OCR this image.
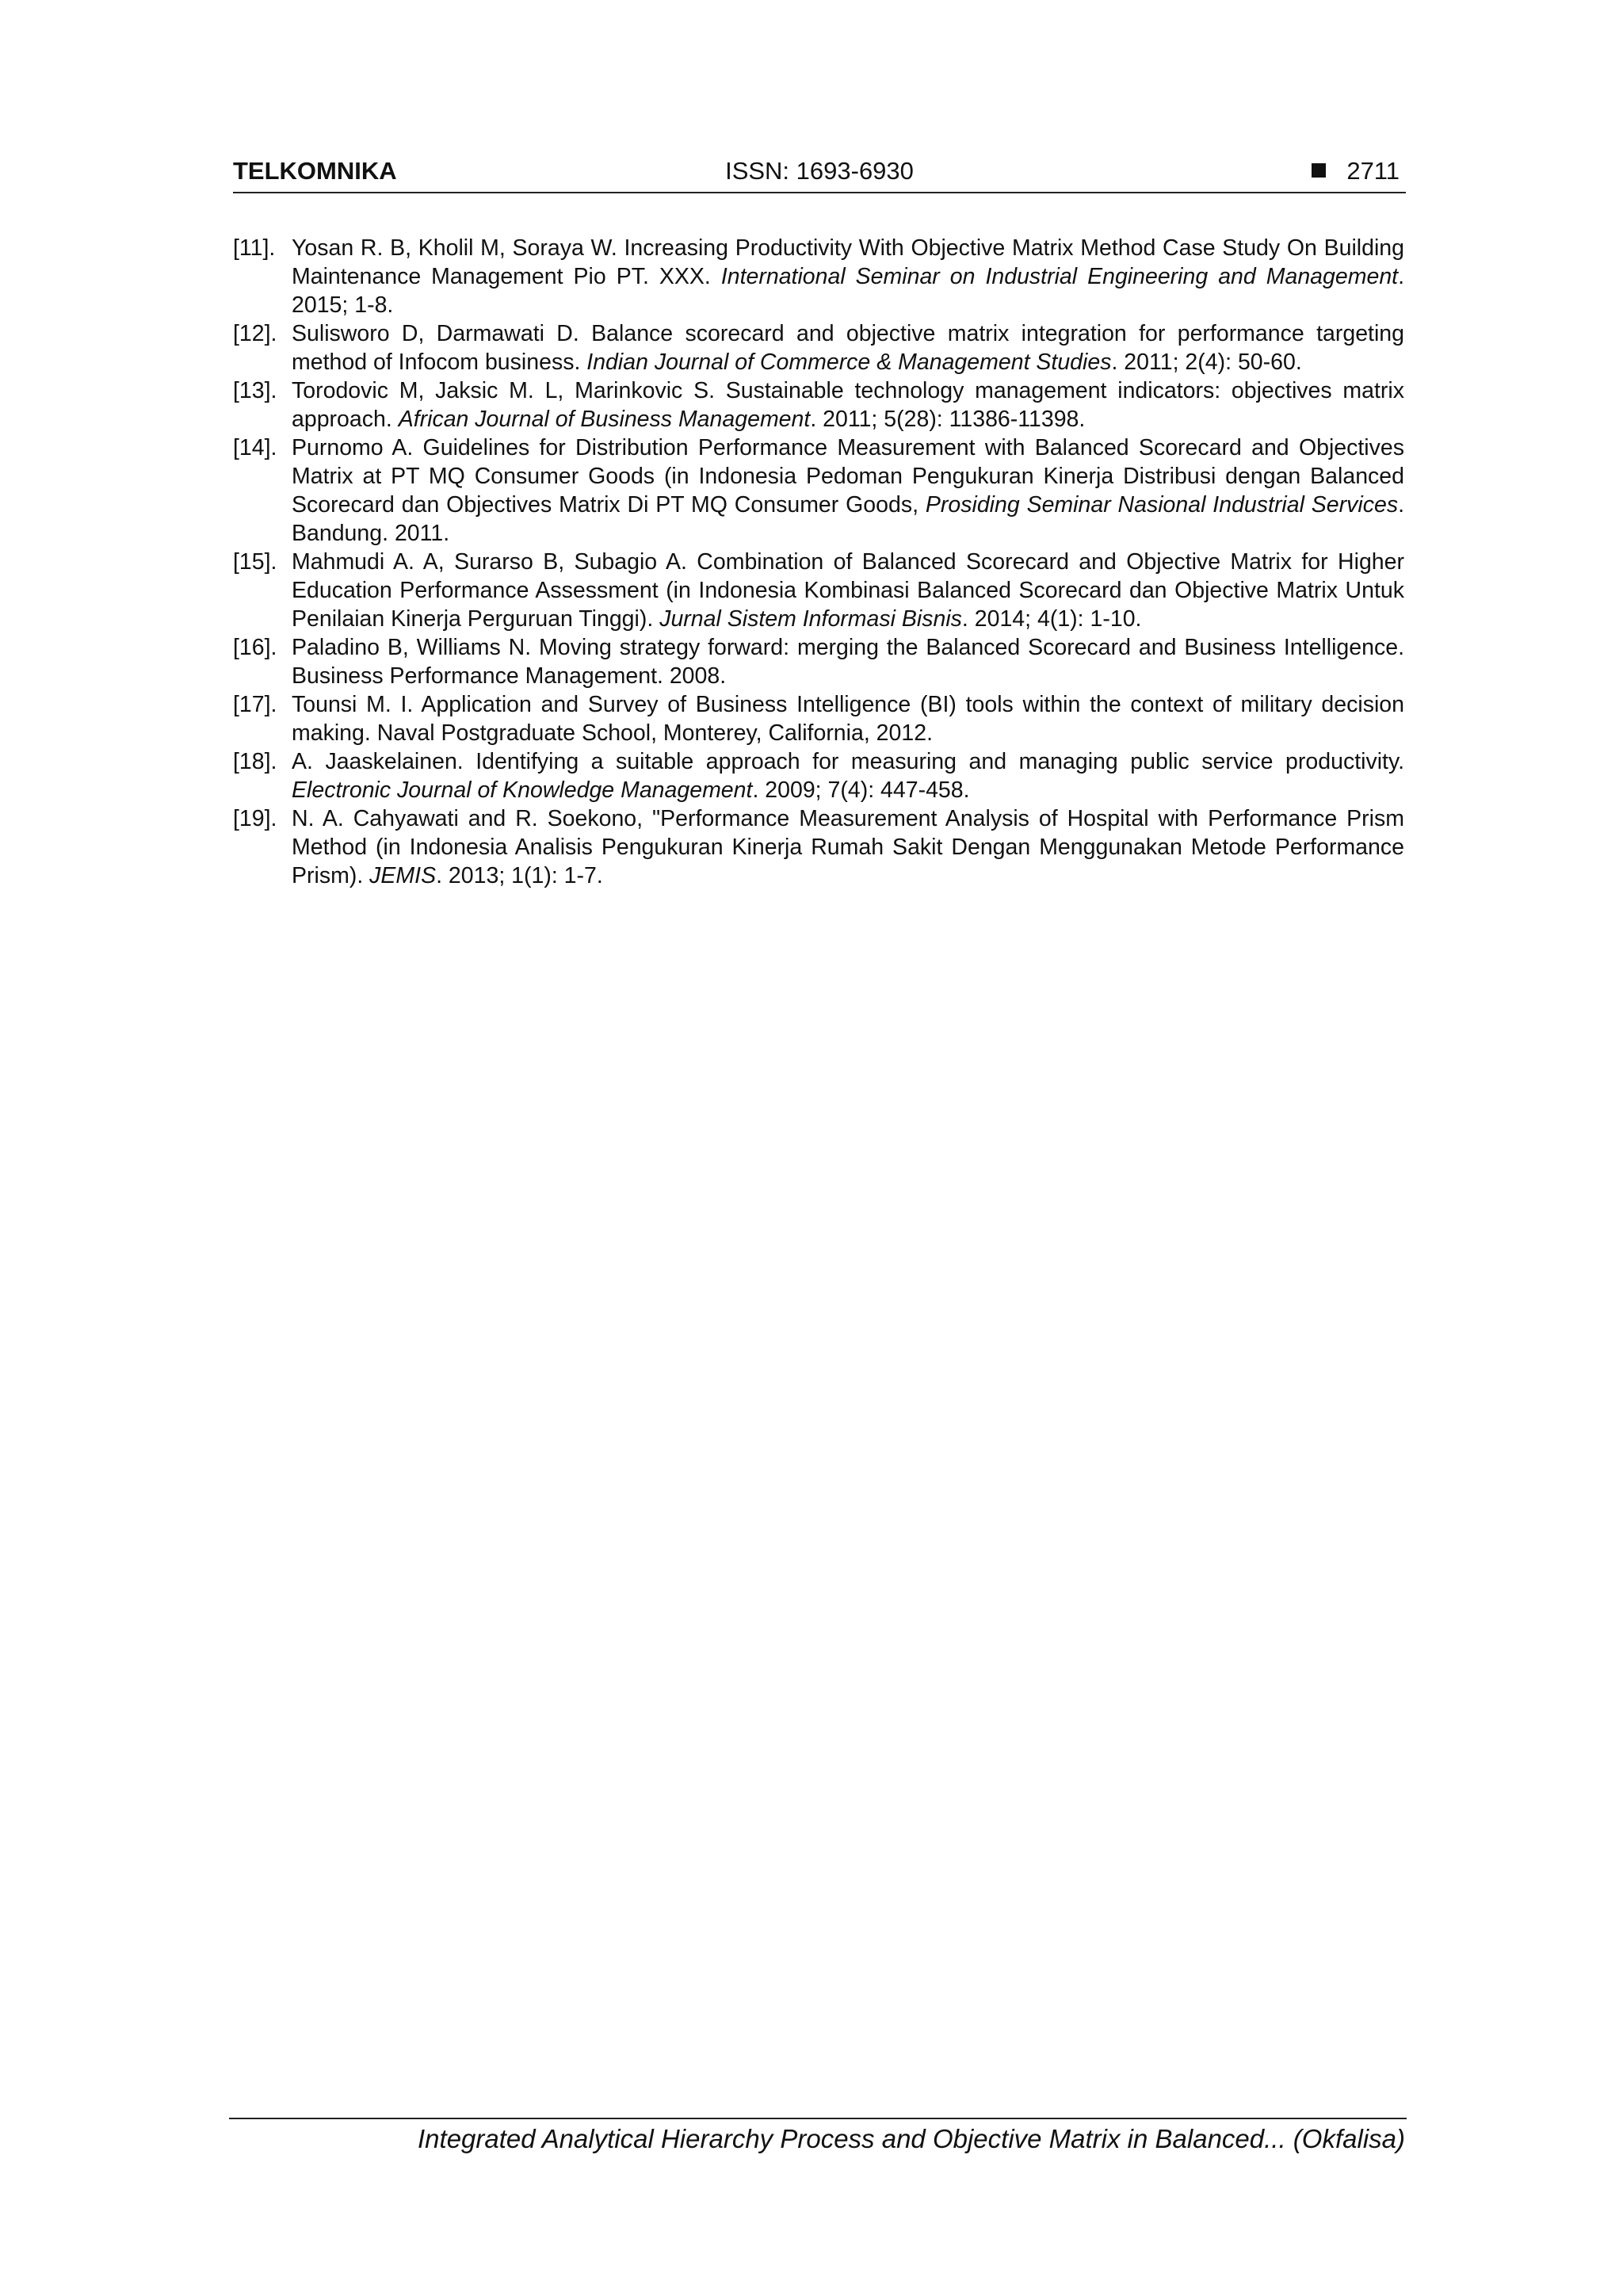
TELKOMNIKA	ISSN: 1693-6930	2711
[11]. Yosan R. B, Kholil M, Soraya W. Increasing Productivity With Objective Matrix Method Case Study On Building Maintenance Management Pio PT. XXX. International Seminar on Industrial Engineering and Management. 2015; 1-8.
[12]. Sulisworo D, Darmawati D. Balance scorecard and objective matrix integration for performance targeting method of Infocom business. Indian Journal of Commerce & Management Studies. 2011; 2(4): 50-60.
[13]. Torodovic M, Jaksic M. L, Marinkovic S. Sustainable technology management indicators: objectives matrix approach. African Journal of Business Management. 2011; 5(28): 11386-11398.
[14]. Purnomo A. Guidelines for Distribution Performance Measurement with Balanced Scorecard and Objectives Matrix at PT MQ Consumer Goods (in Indonesia Pedoman Pengukuran Kinerja Distribusi dengan Balanced Scorecard dan Objectives Matrix Di PT MQ Consumer Goods, Prosiding Seminar Nasional Industrial Services. Bandung. 2011.
[15]. Mahmudi A. A, Surarso B, Subagio A. Combination of Balanced Scorecard and Objective Matrix for Higher Education Performance Assessment (in Indonesia Kombinasi Balanced Scorecard dan Objective Matrix Untuk Penilaian Kinerja Perguruan Tinggi). Jurnal Sistem Informasi Bisnis. 2014; 4(1): 1-10.
[16]. Paladino B, Williams N. Moving strategy forward: merging the Balanced Scorecard and Business Intelligence. Business Performance Management. 2008.
[17]. Tounsi M. I. Application and Survey of Business Intelligence (BI) tools within the context of military decision making. Naval Postgraduate School, Monterey, California, 2012.
[18]. A. Jaaskelainen. Identifying a suitable approach for measuring and managing public service productivity. Electronic Journal of Knowledge Management. 2009; 7(4): 447-458.
[19]. N. A. Cahyawati and R. Soekono, "Performance Measurement Analysis of Hospital with Performance Prism Method (in Indonesia Analisis Pengukuran Kinerja Rumah Sakit Dengan Menggunakan Metode Performance Prism). JEMIS. 2013; 1(1): 1-7.
Integrated Analytical Hierarchy Process and Objective Matrix in Balanced... (Okfalisa)
